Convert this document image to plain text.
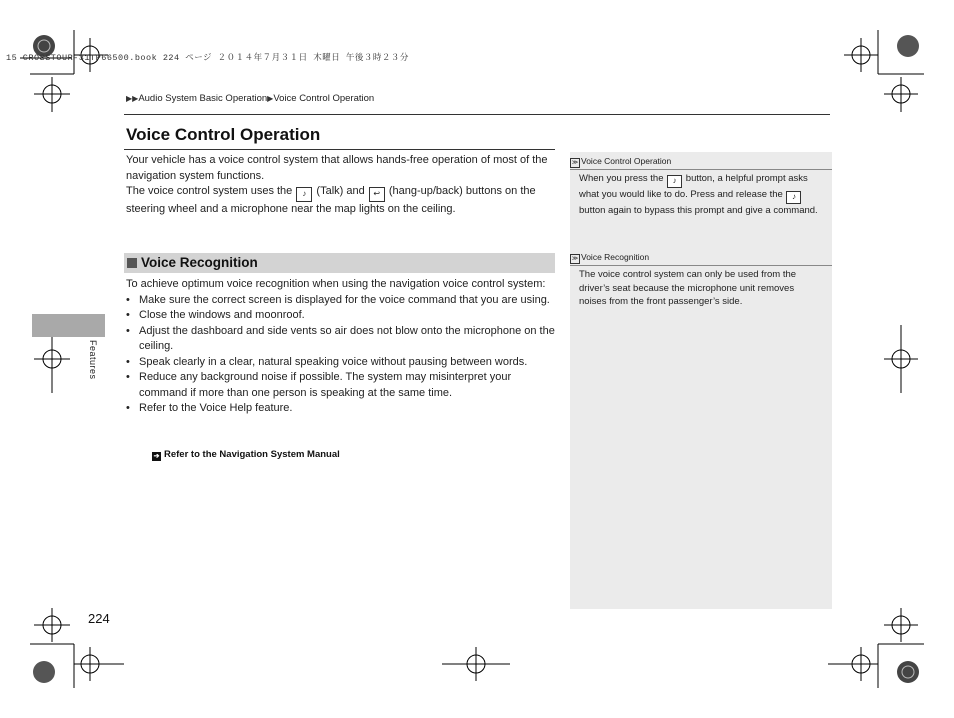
15 CROSSTOUR-31TP66500.book 224 ページ ２０１４年７月３１日 木曜日 午後３時２３分
▶▶Audio System Basic Operation▶Voice Control Operation
Voice Control Operation
Your vehicle has a voice control system that allows hands-free operation of most of the navigation system functions.
The voice control system uses the ♪ (Talk) and ↩ (hang-up/back) buttons on the steering wheel and a microphone near the map lights on the ceiling.
Voice Recognition
To achieve optimum voice recognition when using the navigation voice control system:
• Make sure the correct screen is displayed for the voice command that you are using.
• Close the windows and moonroof.
• Adjust the dashboard and side vents so air does not blow onto the microphone on the ceiling.
• Speak clearly in a clear, natural speaking voice without pausing between words.
• Reduce any background noise if possible. The system may misinterpret your command if more than one person is speaking at the same time.
• Refer to the Voice Help feature.
➔ Refer to the Navigation System Manual
≫ Voice Control Operation
When you press the ♪ button, a helpful prompt asks what you would like to do. Press and release the ♪ button again to bypass this prompt and give a command.
≫ Voice Recognition
The voice control system can only be used from the driver’s seat because the microphone unit removes noises from the front passenger’s side.
Features
224
